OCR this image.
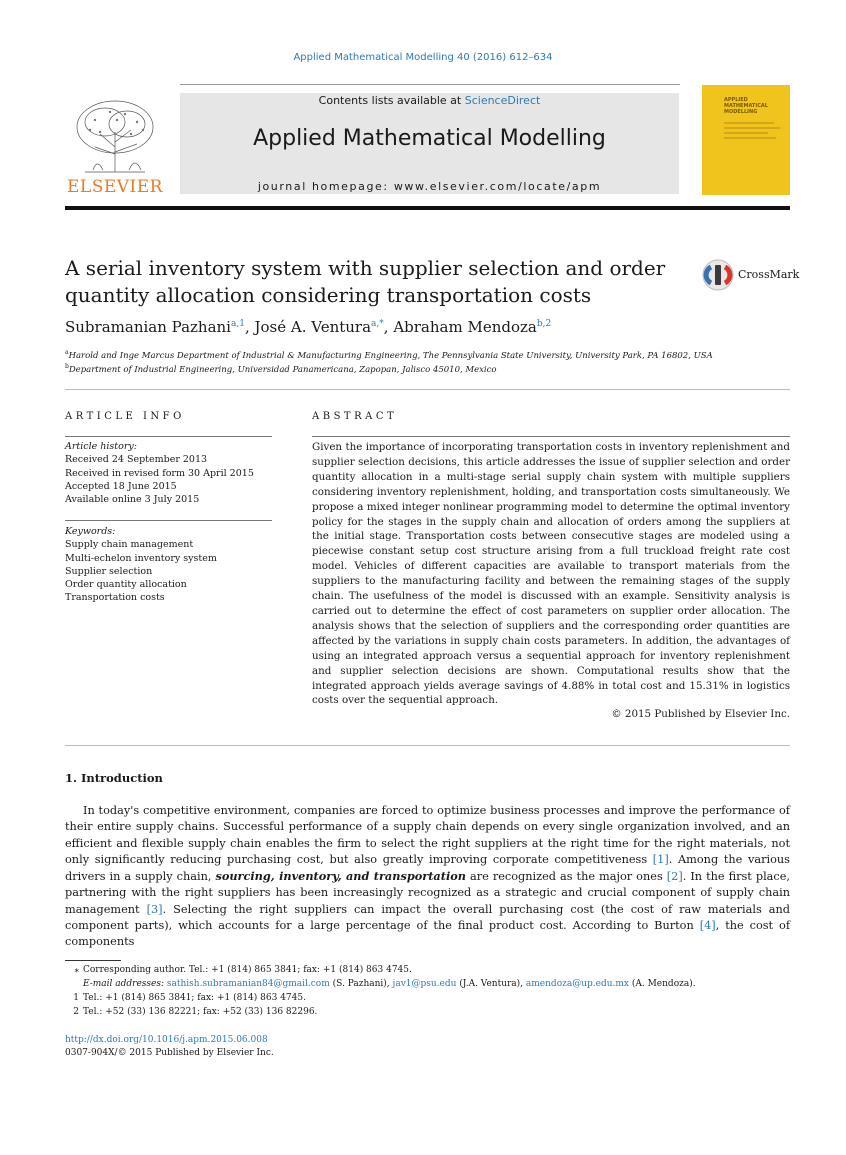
Applied Mathematical Modelling 40 (2016) 612–634
ELSEVIER
Contents lists available at ScienceDirect
Applied Mathematical Modelling
journal homepage: www.elsevier.com/locate/apm
APPLIED MATHEMATICAL MODELLING
A serial inventory system with supplier selection and order quantity allocation considering transportation costs
CrossMark
Subramanian Pazhani$^{a,1}$, José A. Ventura$^{a,*}$, Abraham Mendoza$^{b,2}$
$^a$Harold and Inge Marcus Department of Industrial & Manufacturing Engineering, The Pennsylvania State University, University Park, PA 16802, USA
$^b$Department of Industrial Engineering, Universidad Panamericana, Zapopan, Jalisco 45010, Mexico
ARTICLE INFO	ABSTRACT
Article history:
Received 24 September 2013
Received in revised form 30 April 2015
Accepted 18 June 2015
Available online 3 July 2015
Keywords:
Supply chain management
Multi-echelon inventory system
Supplier selection
Order quantity allocation
Transportation costs
Given the importance of incorporating transportation costs in inventory replenishment and supplier selection decisions, this article addresses the issue of supplier selection and order quantity allocation in a multi-stage serial supply chain system with multiple suppliers considering inventory replenishment, holding, and transportation costs simultaneously. We propose a mixed integer nonlinear programming model to determine the optimal inventory policy for the stages in the supply chain and allocation of orders among the suppliers at the initial stage. Transportation costs between consecutive stages are modeled using a piecewise constant setup cost structure arising from a full truckload freight rate cost model. Vehicles of different capacities are available to transport materials from the suppliers to the manufacturing facility and between the remaining stages of the supply chain. The usefulness of the model is discussed with an example. Sensitivity analysis is carried out to determine the effect of cost parameters on supplier order allocation. The analysis shows that the selection of suppliers and the corresponding order quantities are affected by the variations in supply chain costs parameters. In addition, the advantages of using an integrated approach versus a sequential approach for inventory replenishment and supplier selection decisions are shown. Computational results show that the integrated approach yields average savings of 4.88% in total cost and 15.31% in logistics costs over the sequential approach.
© 2015 Published by Elsevier Inc.
1. Introduction
In today's competitive environment, companies are forced to optimize business processes and improve the performance of their entire supply chains. Successful performance of a supply chain depends on every single organization involved, and an efficient and flexible supply chain enables the firm to select the right suppliers at the right time for the right materials, not only significantly reducing purchasing cost, but also greatly improving corporate competitiveness [1]. Among the various drivers in a supply chain, sourcing, inventory, and transportation are recognized as the major ones [2]. In the first place, partnering with the right suppliers has been increasingly recognized as a strategic and crucial component of supply chain management [3]. Selecting the right suppliers can impact the overall purchasing cost (the cost of raw materials and component parts), which accounts for a large percentage of the final product cost. According to Burton [4], the cost of components
⁎ Corresponding author. Tel.: +1 (814) 865 3841; fax: +1 (814) 863 4745.
E-mail addresses: sathish.subramanian84@gmail.com (S. Pazhani), jav1@psu.edu (J.A. Ventura), amendoza@up.edu.mx (A. Mendoza).
1 Tel.: +1 (814) 865 3841; fax: +1 (814) 863 4745.
2 Tel.: +52 (33) 136 82221; fax: +52 (33) 136 82296.
http://dx.doi.org/10.1016/j.apm.2015.06.008
0307-904X/© 2015 Published by Elsevier Inc.
